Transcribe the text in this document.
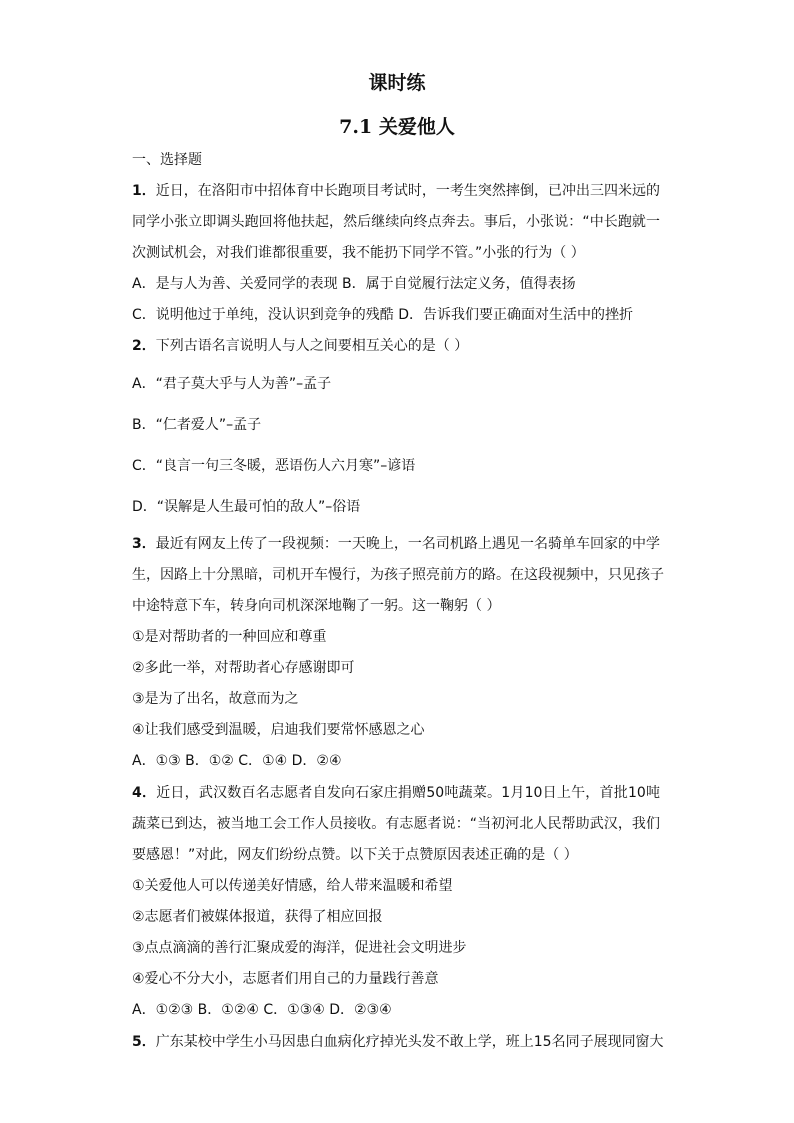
课时练
7.1 关爱他人
一、选择题
1．近日，在洛阳市中招体育中长跑项目考试时，一考生突然摔倒，已冲出三四米远的
同学小张立即调头跑回将他扶起，然后继续向终点奔去。事后，小张说：“中长跑就一
次测试机会，对我们谁都很重要，我不能扔下同学不管。”小张的行为（ ）
A．是与人为善、关爱同学的表现 B．属于自觉履行法定义务，值得表扬
C．说明他过于单纯，没认识到竞争的残酷 D．告诉我们要正确面对生活中的挫折
2．下列古语名言说明人与人之间要相互关心的是（ ）
A．“君子莫大乎与人为善”–孟子
B．“仁者爱人”–孟子
C．“良言一句三冬暖，恶语伤人六月寒”–谚语
D．“误解是人生最可怕的敌人”–俗语
3．最近有网友上传了一段视频：一天晚上，一名司机路上遇见一名骑单车回家的中学
生，因路上十分黑暗，司机开车慢行，为孩子照亮前方的路。在这段视频中，只见孩子
中途特意下车，转身向司机深深地鞠了一躬。这一鞠躬（ ）
①是对帮助者的一种回应和尊重
②多此一举，对帮助者心存感谢即可
③是为了出名，故意而为之
④让我们感受到温暖，启迪我们要常怀感恩之心
A．①③ B．①② C．①④ D．②④
4．近日，武汉数百名志愿者自发向石家庄捐赠50吨蔬菜。1月10日上午，首批10吨
蔬菜已到达，被当地工会工作人员接收。有志愿者说：“当初河北人民帮助武汉，我们
要感恩！”对此，网友们纷纷点赞。以下关于点赞原因表述正确的是（ ）
①关爱他人可以传递美好情感，给人带来温暖和希望
②志愿者们被媒体报道，获得了相应回报
③点点滴滴的善行汇聚成爱的海洋，促进社会文明进步
④爱心不分大小，志愿者们用自己的力量践行善意
A．①②③ B．①②④ C．①③④ D．②③④
5．广东某校中学生小马因患白血病化疗掉光头发不敢上学，班上15名同子展现同窗大
